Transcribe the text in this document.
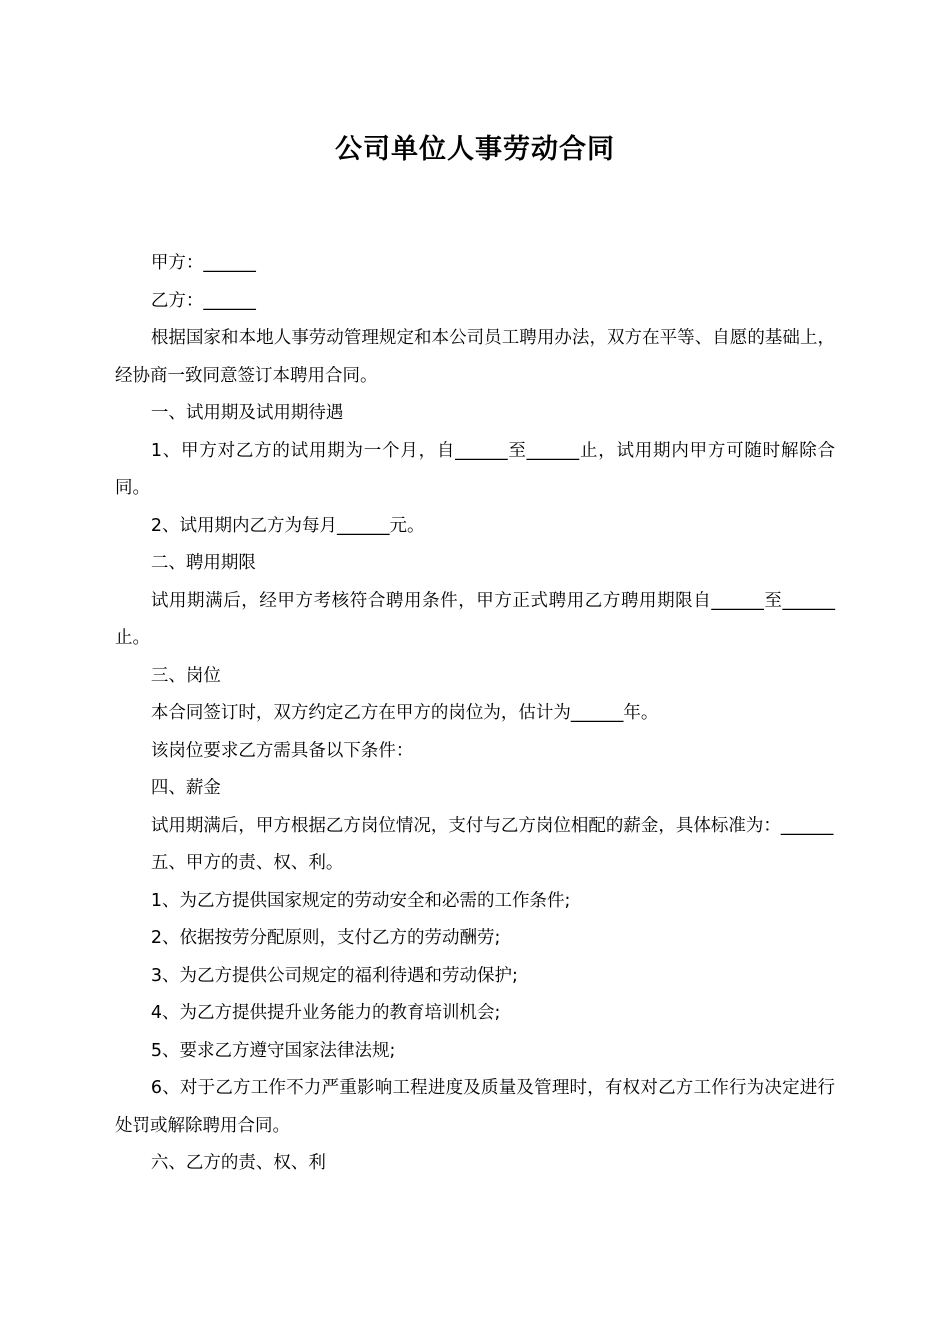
公司单位人事劳动合同

甲方：______

乙方：______

根据国家和本地人事劳动管理规定和本公司员工聘用办法，双方在平等、自愿的基础上，经协商一致同意签订本聘用合同。

一、试用期及试用期待遇

1、甲方对乙方的试用期为一个月，自______至______止，试用期内甲方可随时解除合同。

2、试用期内乙方为每月______元。

二、聘用期限

试用期满后，经甲方考核符合聘用条件，甲方正式聘用乙方聘用期限自______至______止。

三、岗位

本合同签订时，双方约定乙方在甲方的岗位为，估计为______年。

该岗位要求乙方需具备以下条件：

四、薪金

试用期满后，甲方根据乙方岗位情况，支付与乙方岗位相配的薪金，具体标准为：______

五、甲方的责、权、利。

1、为乙方提供国家规定的劳动安全和必需的工作条件;

2、依据按劳分配原则，支付乙方的劳动酬劳;

3、为乙方提供公司规定的福利待遇和劳动保护;

4、为乙方提供提升业务能力的教育培训机会;

5、要求乙方遵守国家法律法规;

6、对于乙方工作不力严重影响工程进度及质量及管理时，有权对乙方工作行为决定进行处罚或解除聘用合同。

六、乙方的责、权、利
